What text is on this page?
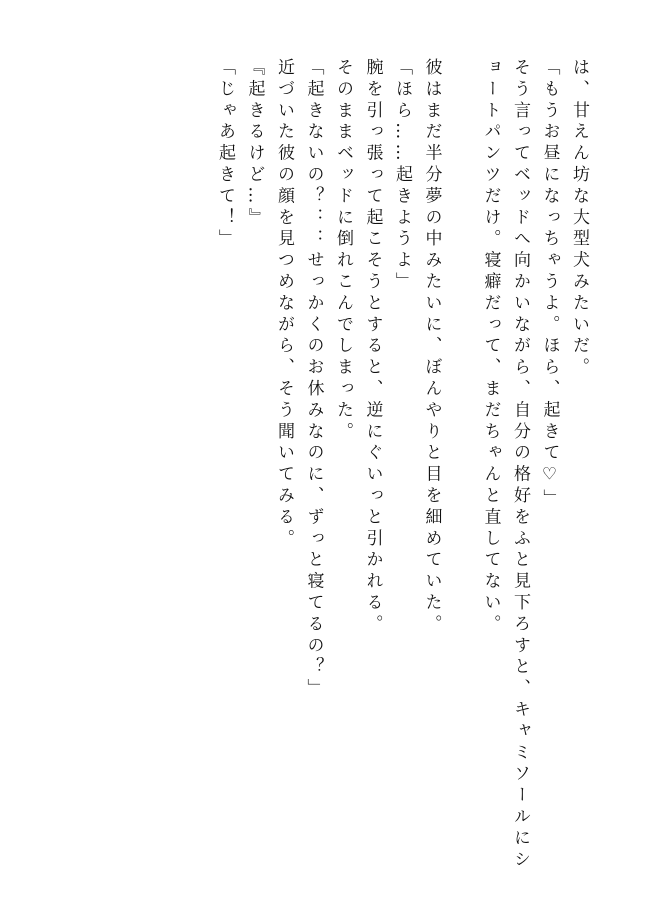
は、甘えん坊な大型犬みたいだ。

「もうお昼になっちゃうよ。ほら、起きて♡」

そう言ってベッドへ向かいながら、自分の格好をふと見下ろすと、キャミソールにシ

ョートパンツだけ。寝癖だって、まだちゃんと直してない。

彼はまだ半分夢の中みたいに、ぼんやりと目を細めていた。

「ほら……起きようよ」

腕を引っ張って起こそうとすると、逆にぐいっと引かれる。

そのままベッドに倒れこんでしまった。

「起きないの？：：せっかくのお休みなのに、ずっと寝てるの？」

近づいた彼の顔を見つめながら、そう聞いてみる。

『起きるけど…』

「じゃあ起きて！」
